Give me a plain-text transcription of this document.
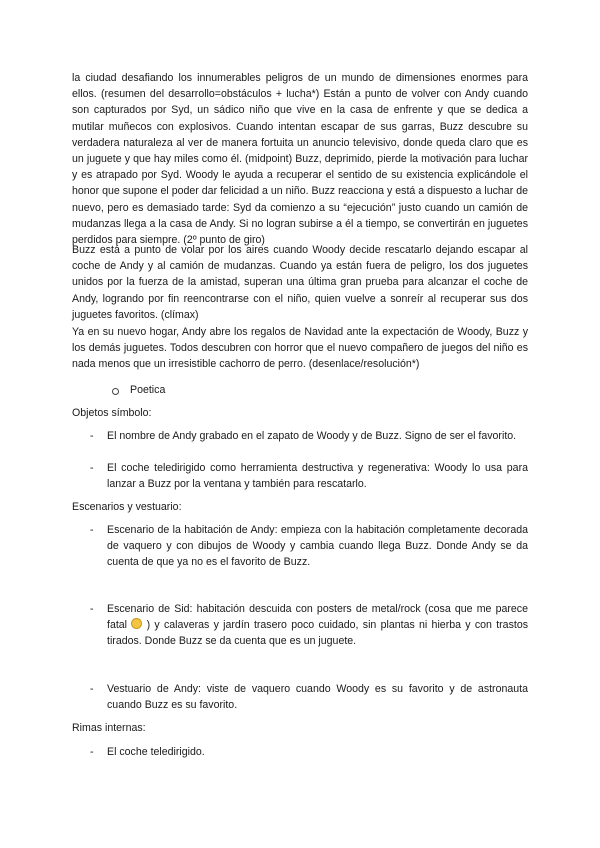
la ciudad desafiando los innumerables peligros de un mundo de dimensiones enormes para ellos. (resumen del desarrollo=obstáculos + lucha*) Están a punto de volver con Andy cuando son capturados por Syd, un sádico niño que vive en la casa de enfrente y que se dedica a mutilar muñecos con explosivos. Cuando intentan escapar de sus garras, Buzz descubre su verdadera naturaleza al ver de manera fortuita un anuncio televisivo, donde queda claro que es un juguete y que hay miles como él. (midpoint) Buzz, deprimido, pierde la motivación para luchar y es atrapado por Syd. Woody le ayuda a recuperar el sentido de su existencia explicándole el honor que supone el poder dar felicidad a un niño. Buzz reacciona y está a dispuesto a luchar de nuevo, pero es demasiado tarde: Syd da comienzo a su “ejecución” justo cuando un camión de mudanzas llega a la casa de Andy. Si no logran subirse a él a tiempo, se convertirán en juguetes perdidos para siempre. (2º punto de giro)
Buzz está a punto de volar por los aires cuando Woody decide rescatarlo dejando escapar al coche de Andy y al camión de mudanzas. Cuando ya están fuera de peligro, los dos juguetes unidos por la fuerza de la amistad, superan una última gran prueba para alcanzar el coche de Andy, logrando por fin reencontrarse con el niño, quien vuelve a sonreír al recuperar sus dos juguetes favoritos. (clímax)
Ya en su nuevo hogar, Andy abre los regalos de Navidad ante la expectación de Woody, Buzz y los demás juguetes. Todos descubren con horror que el nuevo compañero de juegos del niño es nada menos que un irresistible cachorro de perro. (desenlace/resolución*)
Poetica
Objetos símbolo:
- El nombre de Andy grabado en el zapato de Woody y de Buzz. Signo de ser el favorito.
- El coche teledirigido como herramienta destructiva y regenerativa: Woody lo usa para lanzar a Buzz por la ventana y también para rescatarlo.
Escenarios y vestuario:
- Escenario de la habitación de Andy: empieza con la habitación completamente decorada de vaquero y con dibujos de Woody y cambia cuando llega Buzz. Donde Andy se da cuenta de que ya no es el favorito de Buzz.
- Escenario de Sid: habitación descuida con posters de metal/rock (cosa que me parece fatal  ) y calaveras y jardín trasero poco cuidado, sin plantas ni hierba y con trastos tirados. Donde Buzz se da cuenta que es un juguete.
- Vestuario de Andy: viste de vaquero cuando Woody es su favorito y de astronauta cuando Buzz es su favorito.
Rimas internas:
- El coche teledirigido.
